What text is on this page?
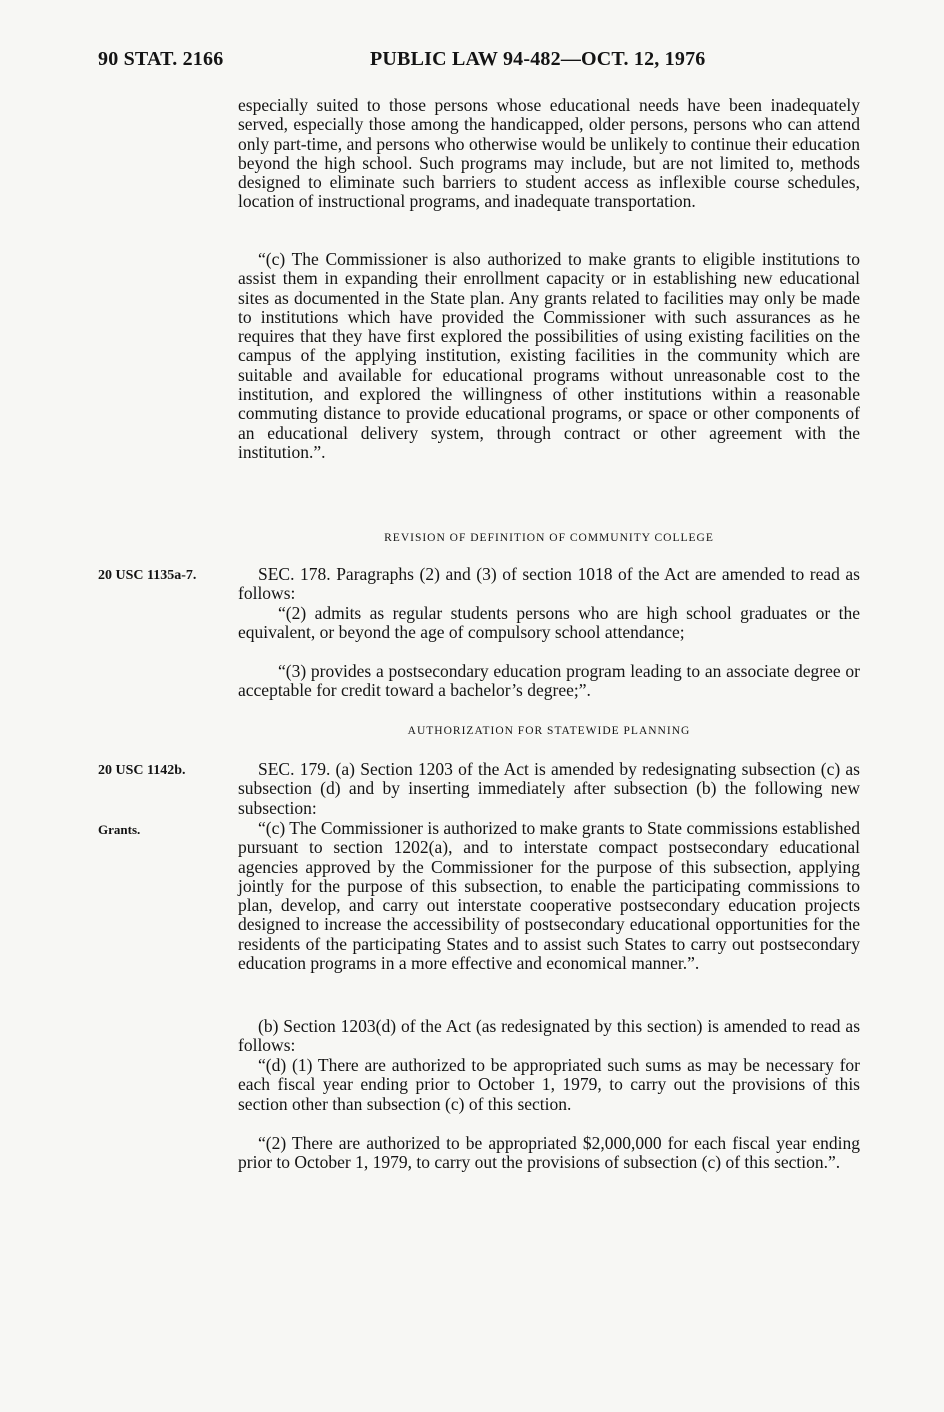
90 STAT. 2166	PUBLIC LAW 94-482—OCT. 12, 1976

especially suited to those persons whose educational needs have been inadequately served, especially those among the handicapped, older persons, persons who can attend only part-time, and persons who otherwise would be unlikely to continue their education beyond the high school. Such programs may include, but are not limited to, methods designed to eliminate such barriers to student access as inflexible course schedules, location of instructional programs, and inadequate transportation.

“(c) The Commissioner is also authorized to make grants to eligible institutions to assist them in expanding their enrollment capacity or in establishing new educational sites as documented in the State plan. Any grants related to facilities may only be made to institutions which have provided the Commissioner with such assurances as he requires that they have first explored the possibilities of using existing facilities on the campus of the applying institution, existing facilities in the community which are suitable and available for educational programs without unreasonable cost to the institution, and explored the willingness of other institutions within a reasonable commuting distance to provide educational programs, or space or other components of an educational delivery system, through contract or other agreement with the institution.”.

REVISION OF DEFINITION OF COMMUNITY COLLEGE
20 USC 1135a-7.	SEC. 178. Paragraphs (2) and (3) of section 1018 of the Act are amended to read as follows:

“(2) admits as regular students persons who are high school graduates or the equivalent, or beyond the age of compulsory school attendance;

“(3) provides a postsecondary education program leading to an associate degree or acceptable for credit toward a bachelor’s degree;”.

AUTHORIZATION FOR STATEWIDE PLANNING
20 USC 1142b.	SEC. 179. (a) Section 1203 of the Act is amended by redesignating subsection (c) as subsection (d) and by inserting immediately after subsection (b) the following new subsection:

Grants.	“(c) The Commissioner is authorized to make grants to State commissions established pursuant to section 1202(a), and to interstate compact postsecondary educational agencies approved by the Commissioner for the purpose of this subsection, applying jointly for the purpose of this subsection, to enable the participating commissions to plan, develop, and carry out interstate cooperative postsecondary education projects designed to increase the accessibility of postsecondary educational opportunities for the residents of the participating States and to assist such States to carry out postsecondary education programs in a more effective and economical manner.”.

(b) Section 1203(d) of the Act (as redesignated by this section) is amended to read as follows:

“(d) (1) There are authorized to be appropriated such sums as may be necessary for each fiscal year ending prior to October 1, 1979, to carry out the provisions of this section other than subsection (c) of this section.

“(2) There are authorized to be appropriated $2,000,000 for each fiscal year ending prior to October 1, 1979, to carry out the provisions of subsection (c) of this section.”.
